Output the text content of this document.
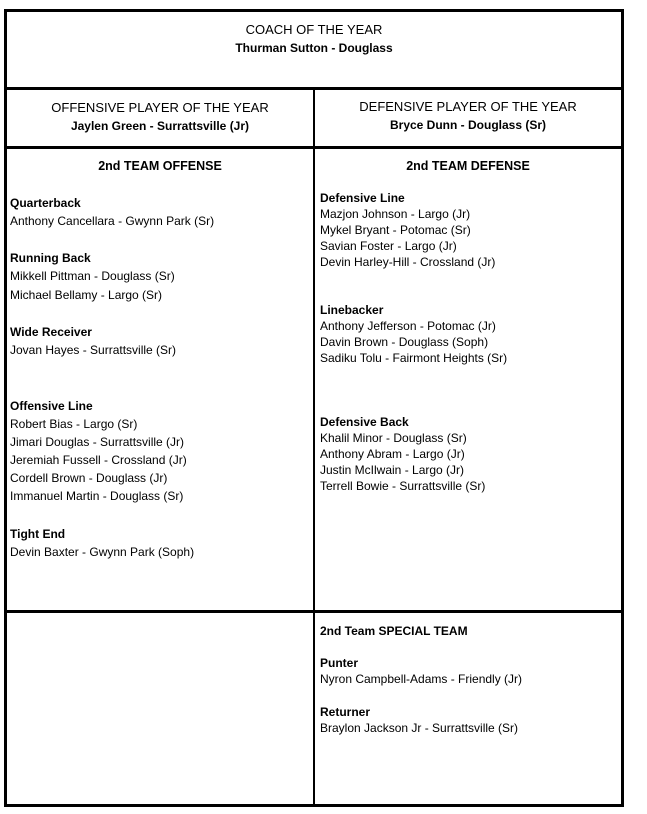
COACH OF THE YEAR
Thurman Sutton - Douglass
OFFENSIVE PLAYER OF THE YEAR
Jaylen Green - Surrattsville (Jr)
DEFENSIVE PLAYER OF THE YEAR
Bryce Dunn - Douglass (Sr)
2nd TEAM OFFENSE
Quarterback
Anthony Cancellara - Gwynn Park (Sr)
Running Back
Mikkell Pittman - Douglass (Sr)
Michael Bellamy - Largo (Sr)
Wide Receiver
Jovan Hayes - Surrattsville (Sr)
Offensive Line
Robert Bias - Largo (Sr)
Jimari Douglas - Surrattsville (Jr)
Jeremiah Fussell - Crossland (Jr)
Cordell Brown - Douglass (Jr)
Immanuel Martin - Douglass (Sr)
Tight End
Devin Baxter - Gwynn Park (Soph)
2nd TEAM DEFENSE
Defensive Line
Mazjon Johnson - Largo (Jr)
Mykel Bryant - Potomac (Sr)
Savian Foster - Largo (Jr)
Devin Harley-Hill - Crossland (Jr)
Linebacker
Anthony Jefferson - Potomac (Jr)
Davin Brown - Douglass (Soph)
Sadiku Tolu - Fairmont Heights (Sr)
Defensive Back
Khalil Minor - Douglass (Sr)
Anthony Abram - Largo (Jr)
Justin McIlwain - Largo (Jr)
Terrell Bowie - Surrattsville (Sr)
2nd Team SPECIAL TEAM
Punter
Nyron Campbell-Adams - Friendly (Jr)
Returner
Braylon Jackson Jr - Surrattsville (Sr)
